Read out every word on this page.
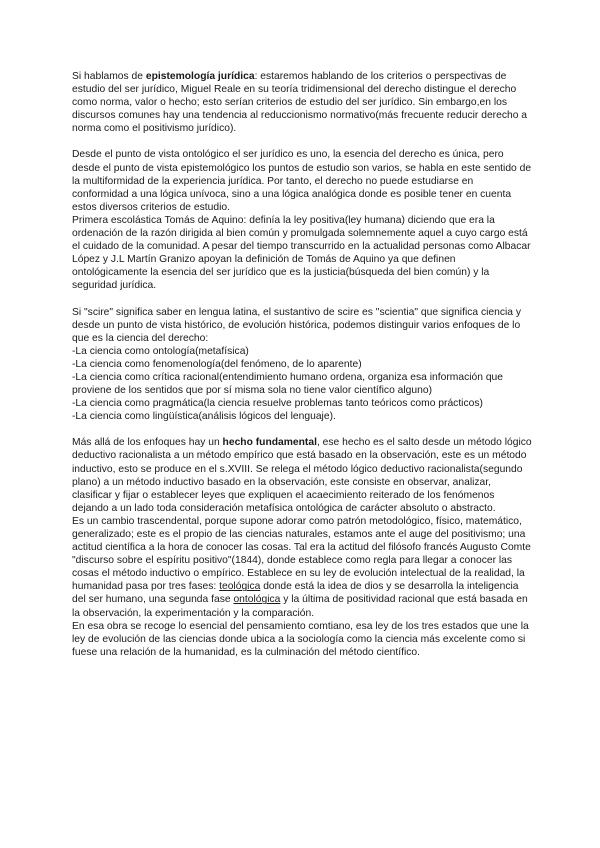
Si hablamos de epistemología jurídica: estaremos hablando de los criterios o perspectivas de estudio del ser jurídico, Miguel Reale en su teoría tridimensional del derecho distingue el derecho como norma, valor o hecho; esto serían criterios de estudio del ser jurídico. Sin embargo,en los discursos comunes hay una tendencia al reduccionismo normativo(más frecuente reducir derecho a norma como el positivismo jurídico).

Desde el punto de vista ontológico el ser jurídico es uno, la esencia del derecho es única, pero desde el punto de vista epistemológico los puntos de estudio son varios, se habla en este sentido de la multiformidad de la experiencia jurídica. Por tanto, el derecho no puede estudiarse en conformidad a una lógica unívoca, sino a una lógica analógica donde es posible tener en cuenta estos diversos criterios de estudio.

Primera escolástica Tomás de Aquino: definía la ley positiva(ley humana) diciendo que era la ordenación de la razón dirigida al bien común y promulgada solemnemente aquel a cuyo cargo está el cuidado de la comunidad. A pesar del tiempo transcurrido en la actualidad personas como Albacar López y J.L Martín Granizo apoyan la definición de Tomás de Aquino ya que definen ontológicamente la esencia del ser jurídico que es la justicia(búsqueda del bien común) y la seguridad jurídica.

Si "scire" significa saber en lengua latina, el sustantivo de scire es "scientia" que significa ciencia y desde un punto de vista histórico, de evolución histórica, podemos distinguir varios enfoques de lo que es la ciencia del derecho:

-La ciencia como ontología(metafísica)

-La ciencia como fenomenología(del fenómeno, de lo aparente)

-La ciencia como crítica racional(entendimiento humano ordena, organiza esa información que proviene de los sentidos que por sí misma sola no tiene valor científico alguno)

-La ciencia como pragmática(la ciencia resuelve problemas tanto teóricos como prácticos)

-La ciencia como lingüística(análisis lógicos del lenguaje).

Más allá de los enfoques hay un hecho fundamental, ese hecho es el salto desde un método lógico deductivo racionalista a un método empírico que está basado en la observación, este es un método inductivo, esto se produce en el s.XVIII. Se relega el método lógico deductivo racionalista(segundo plano) a un método inductivo basado en la observación, este consiste en observar, analizar, clasificar y fijar o establecer leyes que expliquen el acaecimiento reiterado de los fenómenos dejando a un lado toda consideración metafísica ontológica de carácter absoluto o abstracto.

Es un cambio trascendental, porque supone adorar como patrón metodológico, físico, matemático, generalizado; este es el propio de las ciencias naturales, estamos ante el auge del positivismo; una actitud científica a la hora de conocer las cosas. Tal era la actitud del filósofo francés Augusto Comte "discurso sobre el espíritu positivo"(1844), donde establece como regla para llegar a conocer las cosas el método inductivo o empírico. Establece en su ley de evolución intelectual de la realidad, la humanidad pasa por tres fases: teológica donde está la idea de dios y se desarrolla la inteligencia del ser humano, una segunda fase ontológica y la última de positividad racional que está basada en la observación, la experimentación y la comparación.

En esa obra se recoge lo esencial del pensamiento comtiano, esa ley de los tres estados que une la ley de evolución de las ciencias donde ubica a la sociología como la ciencia más excelente como si fuese una relación de la humanidad, es la culminación del método científico.
